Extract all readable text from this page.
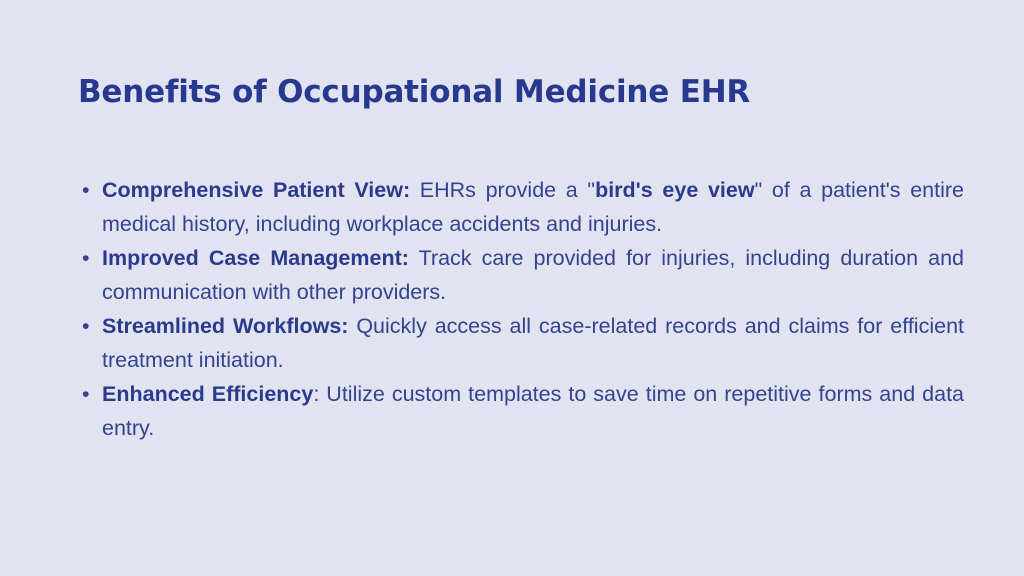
Benefits of Occupational Medicine EHR
• Comprehensive Patient View: EHRs provide a "bird's eye view" of a patient's entire medical history, including workplace accidents and injuries.
• Improved Case Management: Track care provided for injuries, including duration and communication with other providers.
• Streamlined Workflows: Quickly access all case-related records and claims for efficient treatment initiation.
• Enhanced Efficiency: Utilize custom templates to save time on repetitive forms and data entry.
